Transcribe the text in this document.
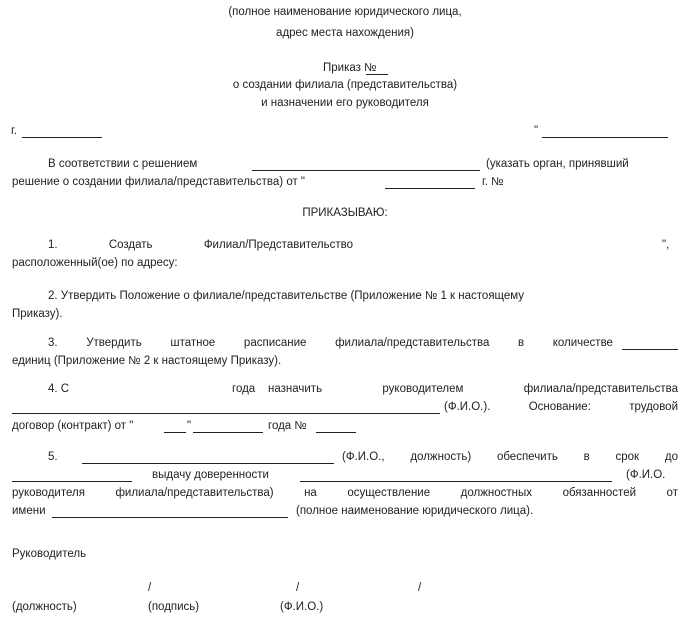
(полное наименование юридического лица,
адрес места нахождения)
Приказ №
о создании филиала (представительства)
и назначении его руководителя
г.	"
В соответствии с решением	(указать орган, принявший
решение о создании филиала/представительства) от "	г. №
ПРИКАЗЫВАЮ:
1.	Создать	Филиал/Представительство	",
расположенный(ое) по адресу:
2. Утвердить Положение о филиале/представительстве (Приложение № 1 к настоящему
Приказу).
3. Утвердить штатное расписание филиала/представительства в количестве
единиц (Приложение № 2 к настоящему Приказу).
4. С	года назначить	руководителем	филиала/представительства
(Ф.И.О.).	Основание:	трудовой
договор (контракт) от "	"	года №
5.	(Ф.И.О., должность) обеспечить в срок до
выдачу доверенности	(Ф.И.О.
руководителя	филиала/представительства)	на	осуществление	должностных	обязанностей	от
имени	(полное наименование юридического лица).
Руководитель
/	/	/
(должность)	(подпись)	(Ф.И.О.)
